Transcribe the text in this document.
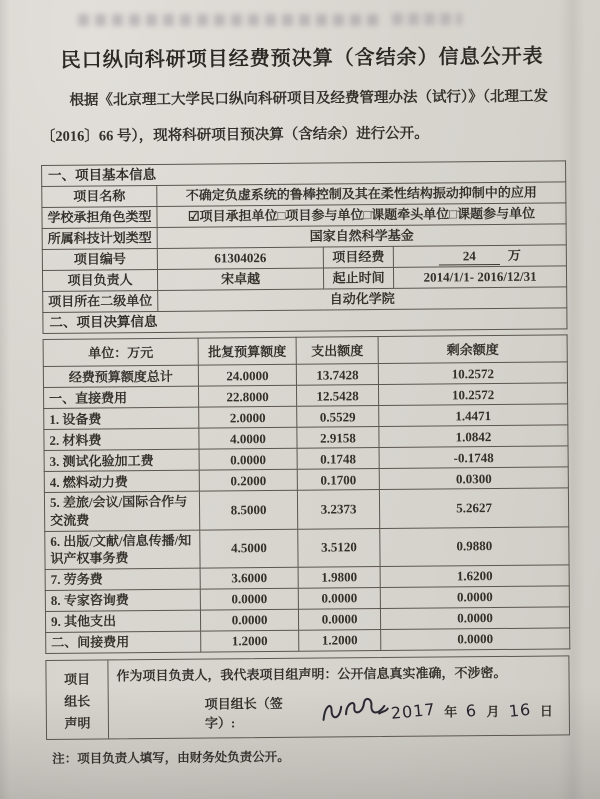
民口纵向科研项目经费预决算（含结余）信息公开表
根据《北京理工大学民口纵向科研项目及经费管理办法（试行）》（北理工发〔2016〕66 号），现将科研项目预决算（含结余）进行公开。
一、项目基本信息			
项目名称	不确定负虚系统的鲁棒控制及其在柔性结构振动抑制中的应用		
学校承担角色类型	☑项目承担单位□项目参与单位□课题牵头单位□课题参与单位		
所属科技计划类型	国家自然科学基金		
项目编号	61304026	项目经费	24 万
项目负责人	宋卓越	起止时间	2014/1/1- 2016/12/31
项目所在二级单位	自动化学院		
二、项目决算信息			
单位：万元	批复预算额度	支出额度	剩余额度
经费预算额度总计	24.0000	13.7428	10.2572
一、直接费用	22.8000	12.5428	10.2572
1. 设备费	2.0000	0.5529	1.4471
2. 材料费	4.0000	2.9158	1.0842
3. 测试化验加工费	0.0000	0.1748	-0.1748
4. 燃料动力费	0.2000	0.1700	0.0300
5. 差旅/会议/国际合作与交流费	8.5000	3.2373	5.2627
6. 出版/文献/信息传播/知识产权事务费	4.5000	3.5120	0.9880
7. 劳务费	3.6000	1.9800	1.6200
8. 专家咨询费	0.0000	0.0000	0.0000
9. 其他支出	0.0000	0.0000	0.0000
二、间接费用	1.2000	1.2000	0.0000
项目
组长
声明
作为项目负责人，我代表项目组声明：公开信息真实准确，不涉密。
项目组长（签字）:
2017 年 6 月 16 日
注：项目负责人填写，由财务处负责公开。
